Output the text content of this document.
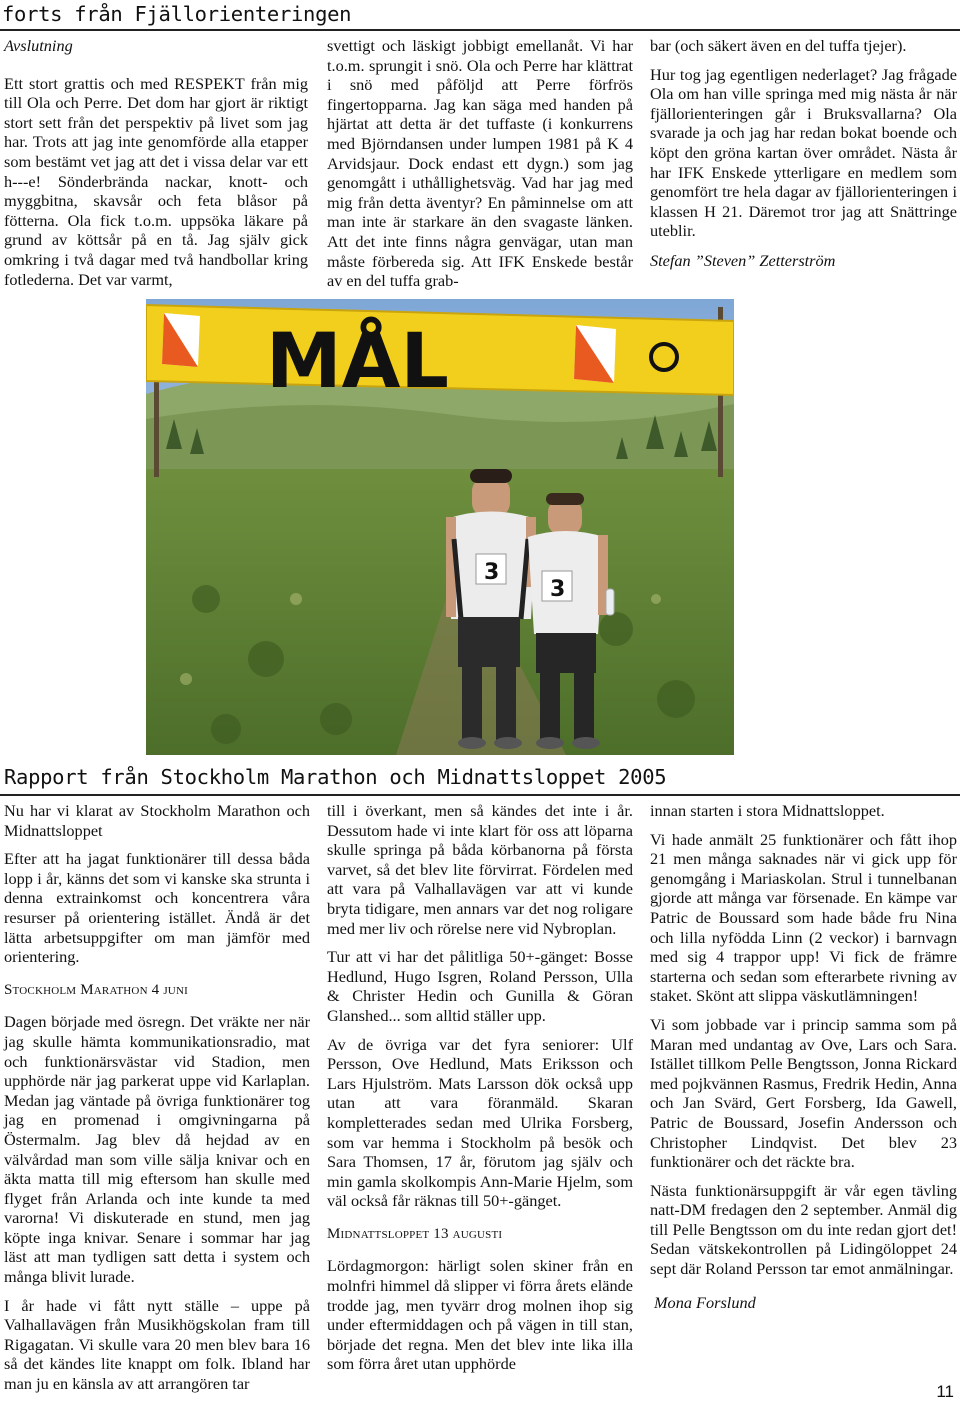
forts från Fjällorienteringen

Avslutning

Ett stort grattis och med RESPEKT från mig till Ola och Perre. Det dom har gjort är riktigt stort sett från det perspektiv på livet som jag har. Trots att jag inte genomförde alla etapper som bestämt vet jag att det i vissa delar var ett h---e! Sönderbrända nackar, knott- och myggbitna, skavsår och feta blåsor på fötterna. Ola fick t.o.m. uppsöka läkare på grund av köttsår på en tå. Jag själv gick omkring i två dagar med två handbollar kring fotlederna. Det var varmt,

svettigt och läskigt jobbigt emellanåt. Vi har t.o.m. sprungit i snö. Ola och Perre har klättrat i snö med påföljd att Perre förfrös fingertopparna. Jag kan säga med handen på hjärtat att detta är det tuffaste (i konkurrens med Björndansen under lumpen 1981 på K 4 Arvidsjaur. Dock endast ett dygn.) som jag genomgått i uthållighetsväg. Vad har jag med mig från detta äventyr? En påminnelse om att man inte är starkare än den svagaste länken. Att det inte finns några genvägar, utan man måste förbereda sig. Att IFK Enskede består av en del tuffa grab-

bar (och säkert även en del tuffa tjejer).

Hur tog jag egentligen nederlaget? Jag frågade Ola om han ville springa med mig nästa år när fjällorienteringen går i Bruksvallarna? Ola svarade ja och jag har redan bokat boende och köpt den gröna kartan över området. Nästa år har IFK Enskede ytterligare en medlem som genomfört tre hela dagar av fjällorienteringen i klassen H 21. Däremot tror jag att Snättringe uteblir.

Stefan ”Steven” Zetterström

MÅL
3
3
Rapport från Stockholm Marathon och Midnattsloppet 2005

Nu har vi klarat av Stockholm Marathon och Midnattsloppet

Efter att ha jagat funktionärer till dessa båda lopp i år, känns det som vi kanske ska strunta i denna extrainkomst och koncentrera våra resurser på orientering istället. Ändå är det lätta arbetsuppgifter om man jämför med orientering.

Stockholm Marathon 4 juni

Dagen började med ösregn. Det vräkte ner när jag skulle hämta kommunikationsradio, mat och funktionärsvästar vid Stadion, men upphörde när jag parkerat uppe vid Karlaplan. Medan jag väntade på övriga funktionärer tog jag en promenad i omgivningarna på Östermalm. Jag blev då hejdad av en välvårdad man som ville sälja knivar och en äkta matta till mig eftersom han skulle med flyget från Arlanda och inte kunde ta med varorna! Vi diskuterade en stund, men jag köpte inga knivar. Senare i sommar har jag läst att man tydligen satt detta i system och många blivit lurade.

I år hade vi fått nytt ställe – uppe på Valhallavägen från Musikhögskolan fram till Rigagatan. Vi skulle vara 20 men blev bara 16 så det kändes lite knappt om folk. Ibland har man ju en känsla av att arrangören tar

till i överkant, men så kändes det inte i år. Dessutom hade vi inte klart för oss att löparna skulle springa på båda körbanorna på första varvet, så det blev lite förvirrat. Fördelen med att vara på Valhallavägen var att vi kunde bryta tidigare, men annars var det nog roligare med mer liv och rörelse nere vid Nybroplan.

Tur att vi har det pålitliga 50+-gänget: Bosse Hedlund, Hugo Isgren, Roland Persson, Ulla & Christer Hedin och Gunilla & Göran Glanshed... som alltid ställer upp.

Av de övriga var det fyra seniorer: Ulf Persson, Ove Hedlund, Mats Eriksson och Lars Hjulström. Mats Larsson dök också upp utan att vara föranmäld. Skaran kompletterades sedan med Ulrika Forsberg, som var hemma i Stockholm på besök och Sara Thomsen, 17 år, förutom jag själv och min gamla skolkompis Ann-Marie Hjelm, som väl också får räknas till 50+-gänget.

Midnattsloppet 13 augusti

Lördagmorgon: härligt solen skiner från en molnfri himmel då slipper vi förra årets elände trodde jag, men tyvärr drog molnen ihop sig under eftermiddagen och på vägen in till stan, började det regna. Men det blev inte lika illa som förra året utan upphörde

innan starten i stora Midnattsloppet.

Vi hade anmält 25 funktionärer och fått ihop 21 men många saknades när vi gick upp för genomgång i Mariaskolan. Strul i tunnelbanan gjorde att många var försenade. En kämpe var Patric de Boussard som hade både fru Nina och lilla nyfödda Linn (2 veckor) i barnvagn med sig 4 trappor upp! Vi fick de främre starterna och sedan som efterarbete rivning av staket. Skönt att slippa väskutlämningen!

Vi som jobbade var i princip samma som på Maran med undantag av Ove, Lars och Sara. Istället tillkom Pelle Bengtsson, Jonna Rickard med pojkvännen Rasmus, Fredrik Hedin, Anna och Jan Svärd, Gert Forsberg, Ida Gawell, Patric de Boussard, Josefin Andersson och Christopher Lindqvist. Det blev 23 funktionärer och det räckte bra.

Nästa funktionärsuppgift är vår egen tävling natt-DM fredagen den 2 september. Anmäl dig till Pelle Bengtsson om du inte redan gjort det! Sedan vätskekontrollen på Lidingöloppet 24 sept där Roland Persson tar emot anmälningar.

Mona Forslund

11
